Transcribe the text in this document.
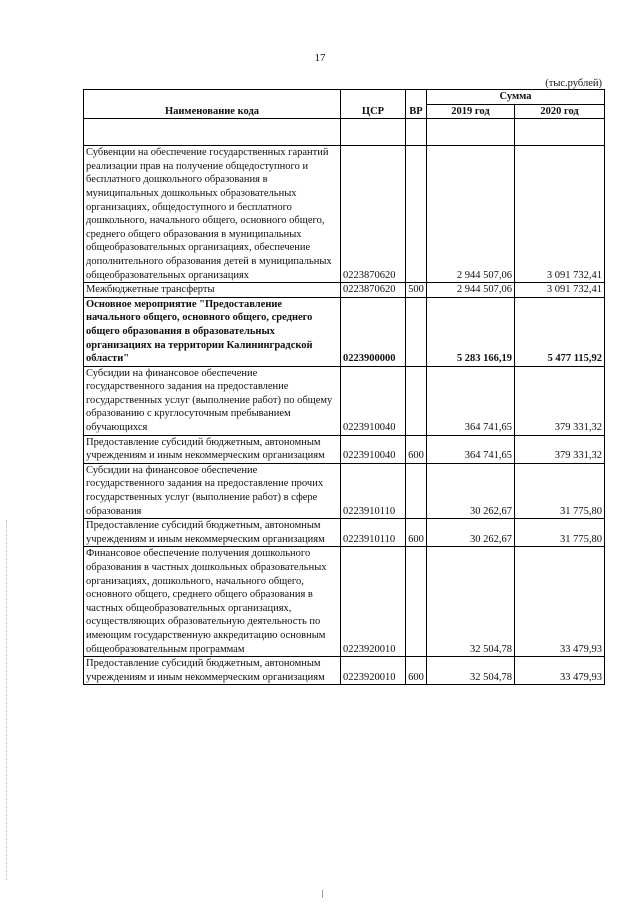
17
(тыс.рублей)
Наименование кода	ЦСР	ВР	Сумма	
			2019 год	2020 год

Субвенции на обеспечение государственных гарантий реализации прав на получение общедоступного и бесплатного дошкольного образования в муниципальных дошкольных образовательных организациях, общедоступного и бесплатного дошкольного, начального общего, основного общего, среднего общего образования в муниципальных общеобразовательных организациях, обеспечение дополнительного образования детей в муниципальных общеобразовательных организациях	0223870620		2 944 507,06	3 091 732,41
Межбюджетные трансферты	0223870620	500	2 944 507,06	3 091 732,41
Основное мероприятие "Предоставление начального общего, основного общего, среднего общего образования в образовательных организациях на территории Калининградской области"	0223900000		5 283 166,19	5 477 115,92
Субсидии на финансовое обеспечение государственного задания на предоставление государственных услуг (выполнение работ) по общему образованию с круглосуточным пребыванием обучающихся	0223910040		364 741,65	379 331,32
Предоставление субсидий бюджетным, автономным учреждениям и иным некоммерческим организациям	0223910040	600	364 741,65	379 331,32
Субсидии на финансовое обеспечение государственного задания на предоставление прочих государственных услуг (выполнение работ) в сфере образования	0223910110		30 262,67	31 775,80
Предоставление субсидий бюджетным, автономным учреждениям и иным некоммерческим организациям	0223910110	600	30 262,67	31 775,80
Финансовое обеспечение получения дошкольного образования в частных дошкольных образовательных организациях, дошкольного, начального общего, основного общего, среднего общего образования в частных общеобразовательных организациях, осуществляющих образовательную деятельность по имеющим государственную аккредитацию основным общеобразовательным программам	0223920010		32 504,78	33 479,93
Предоставление субсидий бюджетным, автономным учреждениям и иным некоммерческим организациям	0223920010	600	32 504,78	33 479,93
